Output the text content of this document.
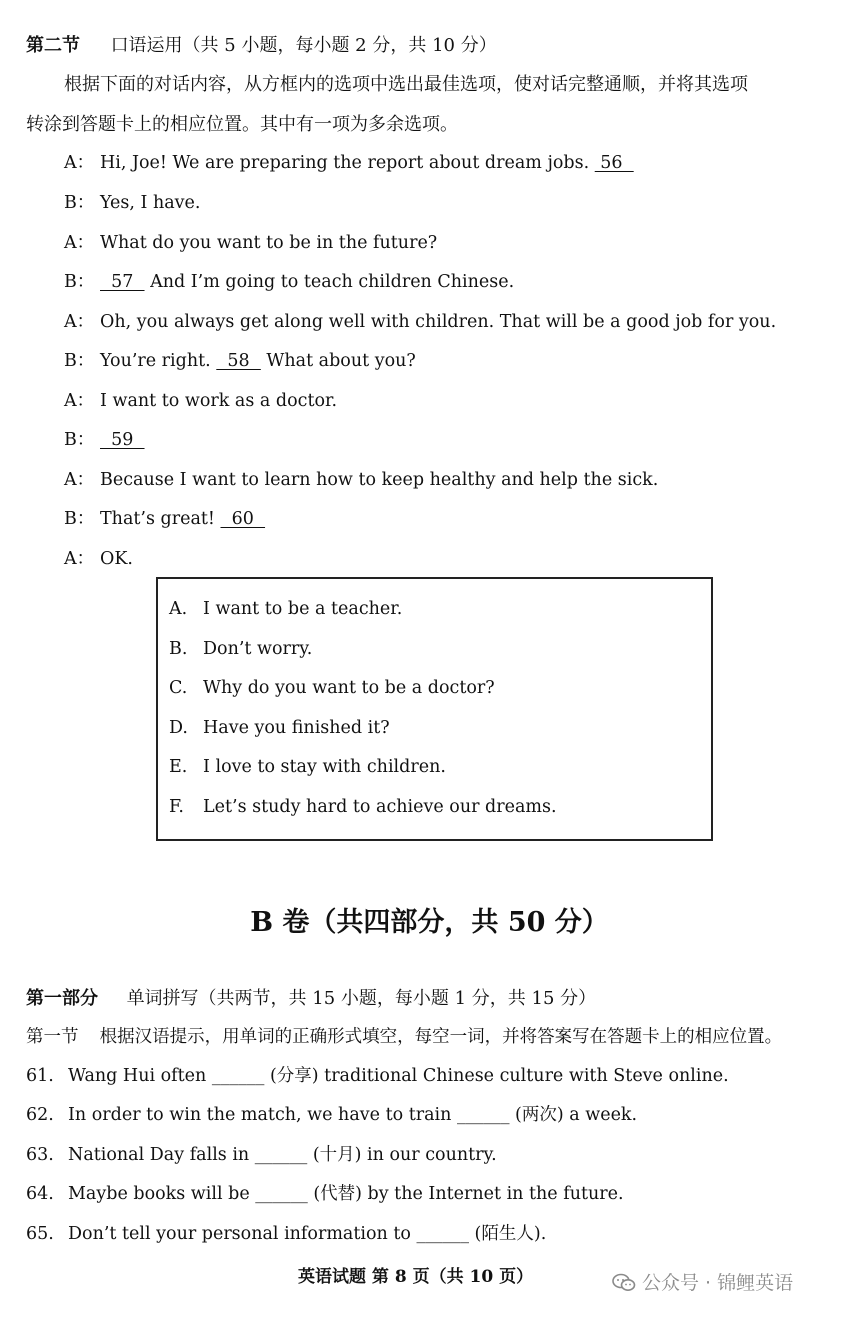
第二节 口语运用（共 5 小题，每小题 2 分，共 10 分）
根据下面的对话内容，从方框内的选项中选出最佳选项，使对话完整通顺，并将其选项
转涂到答题卡上的相应位置。其中有一项为多余选项。
A： Hi, Joe! We are preparing the report about dream jobs.  56
B： Yes, I have.
A： What do you want to be in the future?
B：  57   And I’m going to teach children Chinese.
A： Oh, you always get along well with children. That will be a good job for you.
B： You’re right.   58   What about you?
A： I want to work as a doctor.
B：  59
A： Because I want to learn how to keep healthy and help the sick.
B： That’s great!   60
A： OK.
A. I want to be a teacher.
B. Don’t worry.
C. Why do you want to be a doctor?
D. Have you finished it?
E. I love to stay with children.
F. Let’s study hard to achieve our dreams.
B 卷（共四部分，共 50 分）
第一部分 单词拼写（共两节，共 15 小题，每小题 1 分，共 15 分）
第一节 根据汉语提示，用单词的正确形式填空，每空一词，并将答案写在答题卡上的相应位置。
61. Wang Hui often ______ (分享) traditional Chinese culture with Steve online.
62. In order to win the match, we have to train ______ (两次) a week.
63. National Day falls in ______ (十月) in our country.
64. Maybe books will be ______ (代替) by the Internet in the future.
65. Don’t tell your personal information to ______ (陌生人).
英语试题 第 8 页（共 10 页）	公众号 · 锦鲤英语
